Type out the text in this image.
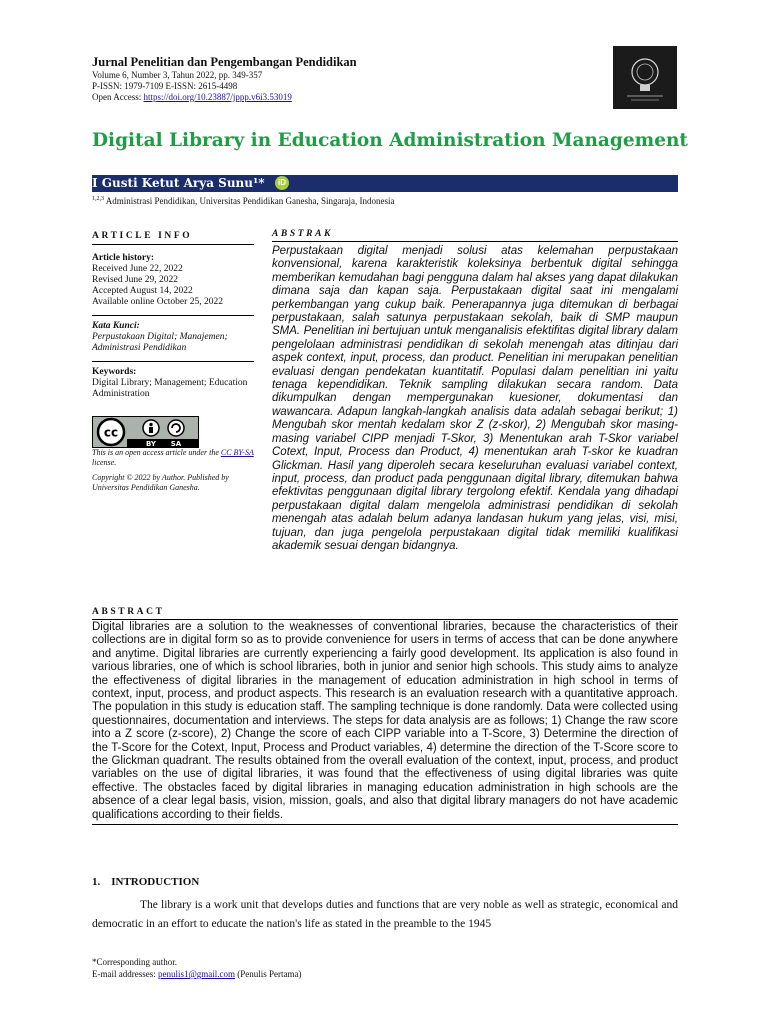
Jurnal Penelitian dan Pengembangan Pendidikan
Volume 6, Number 3, Tahun 2022, pp. 349-357
P-ISSN: 1979-7109 E-ISSN: 2615-4498
Open Access: https://doi.org/10.23887/jppp.v6i3.53019
Digital Library in Education Administration Management
I Gusti Ketut Arya Sunu¹*	iD
$^{1,2,3}$ Administrasi Pendidikan, Universitas Pendidikan Ganesha, Singaraja, Indonesia
ARTICLE INFO
Article history:
Received June 22, 2022
Revised June 29, 2022
Accepted August 14, 2022
Available online October 25, 2022
Kata Kunci:
Perpustakaan Digital; Manajemen; Administrasi Pendidikan
Keywords:
Digital Library; Management; Education Administration
cc
BY SA
This is an open access article under the CC BY-SA license.
Copyright © 2022 by Author. Published by Universitas Pendidikan Ganesha.
ABSTRAK
Perpustakaan digital menjadi solusi atas kelemahan perpustakaan konvensional, karena karakteristik koleksinya berbentuk digital sehingga memberikan kemudahan bagi pengguna dalam hal akses yang dapat dilakukan dimana saja dan kapan saja. Perpustakaan digital saat ini mengalami perkembangan yang cukup baik. Penerapannya juga ditemukan di berbagai perpustakaan, salah satunya perpustakaan sekolah, baik di SMP maupun SMA. Penelitian ini bertujuan untuk menganalisis efektifitas digital library dalam pengelolaan administrasi pendidikan di sekolah menengah atas ditinjau dari aspek context, input, process, dan product. Penelitian ini merupakan penelitian evaluasi dengan pendekatan kuantitatif. Populasi dalam penelitian ini yaitu tenaga kependidikan. Teknik sampling dilakukan secara random. Data dikumpulkan dengan mempergunakan kuesioner, dokumentasi dan wawancara. Adapun langkah-langkah analisis data adalah sebagai berikut; 1) Mengubah skor mentah kedalam skor Z (z-skor), 2) Mengubah skor masing-masing variabel CIPP menjadi T-Skor, 3) Menentukan arah T-Skor variabel Cotext, Input, Process dan Product, 4) menentukan arah T-skor ke kuadran Glickman. Hasil yang diperoleh secara keseluruhan evaluasi variabel context, input, process, dan product pada penggunaan digital library, ditemukan bahwa efektivitas penggunaan digital library tergolong efektif. Kendala yang dihadapi perpustakaan digital dalam mengelola administrasi pendidikan di sekolah menengah atas adalah belum adanya landasan hukum yang jelas, visi, misi, tujuan, dan juga pengelola perpustakaan digital tidak memiliki kualifikasi akademik sesuai dengan bidangnya.
ABSTRACT
Digital libraries are a solution to the weaknesses of conventional libraries, because the characteristics of their collections are in digital form so as to provide convenience for users in terms of access that can be done anywhere and anytime. Digital libraries are currently experiencing a fairly good development. Its application is also found in various libraries, one of which is school libraries, both in junior and senior high schools. This study aims to analyze the effectiveness of digital libraries in the management of education administration in high school in terms of context, input, process, and product aspects. This research is an evaluation research with a quantitative approach. The population in this study is education staff. The sampling technique is done randomly. Data were collected using questionnaires, documentation and interviews. The steps for data analysis are as follows; 1) Change the raw score into a Z score (z-score), 2) Change the score of each CIPP variable into a T-Score, 3) Determine the direction of the T-Score for the Cotext, Input, Process and Product variables, 4) determine the direction of the T-Score score to the Glickman quadrant. The results obtained from the overall evaluation of the context, input, process, and product variables on the use of digital libraries, it was found that the effectiveness of using digital libraries was quite effective. The obstacles faced by digital libraries in managing education administration in high schools are the absence of a clear legal basis, vision, mission, goals, and also that digital library managers do not have academic qualifications according to their fields.
1.    INTRODUCTION
The library is a work unit that develops duties and functions that are very noble as well as strategic, economical and democratic in an effort to educate the nation's life as stated in the preamble to the 1945
*Corresponding author.
E-mail addresses: penulis1@gmail.com (Penulis Pertama)
